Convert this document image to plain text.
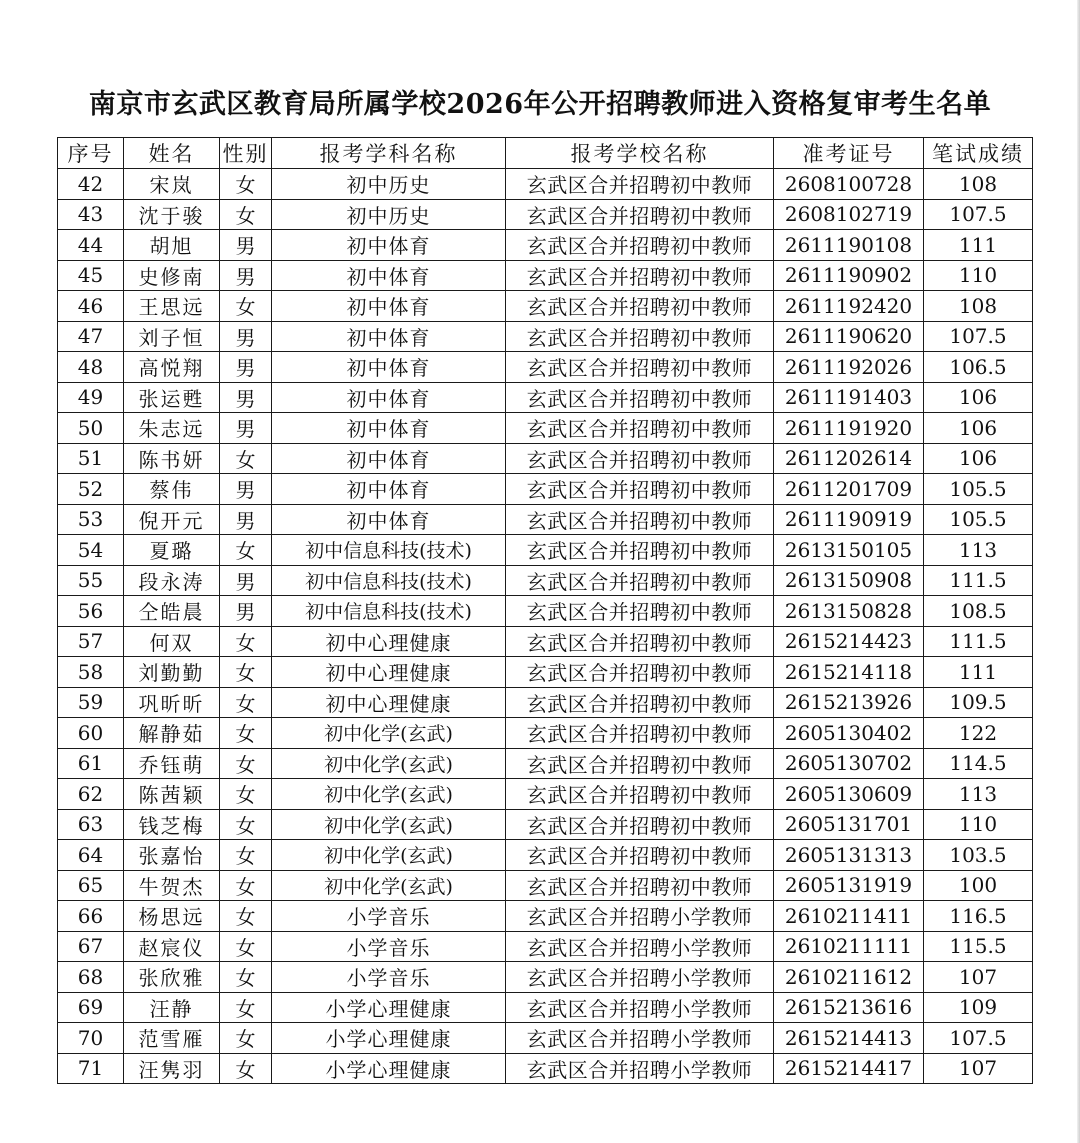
南京市玄武区教育局所属学校2026年公开招聘教师进入资格复审考生名单
序号	姓名	性别	报考学科名称	报考学校名称	准考证号	笔试成绩
42	宋岚	女	初中历史	玄武区合并招聘初中教师	2608100728	108
43	沈于骏	女	初中历史	玄武区合并招聘初中教师	2608102719	107.5
44	胡旭	男	初中体育	玄武区合并招聘初中教师	2611190108	111
45	史修南	男	初中体育	玄武区合并招聘初中教师	2611190902	110
46	王思远	女	初中体育	玄武区合并招聘初中教师	2611192420	108
47	刘子恒	男	初中体育	玄武区合并招聘初中教师	2611190620	107.5
48	高悦翔	男	初中体育	玄武区合并招聘初中教师	2611192026	106.5
49	张运甦	男	初中体育	玄武区合并招聘初中教师	2611191403	106
50	朱志远	男	初中体育	玄武区合并招聘初中教师	2611191920	106
51	陈书妍	女	初中体育	玄武区合并招聘初中教师	2611202614	106
52	蔡伟	男	初中体育	玄武区合并招聘初中教师	2611201709	105.5
53	倪开元	男	初中体育	玄武区合并招聘初中教师	2611190919	105.5
54	夏璐	女	初中信息科技(技术)	玄武区合并招聘初中教师	2613150105	113
55	段永涛	男	初中信息科技(技术)	玄武区合并招聘初中教师	2613150908	111.5
56	仝皓晨	男	初中信息科技(技术)	玄武区合并招聘初中教师	2613150828	108.5
57	何双	女	初中心理健康	玄武区合并招聘初中教师	2615214423	111.5
58	刘勤勤	女	初中心理健康	玄武区合并招聘初中教师	2615214118	111
59	巩昕昕	女	初中心理健康	玄武区合并招聘初中教师	2615213926	109.5
60	解静茹	女	初中化学(玄武)	玄武区合并招聘初中教师	2605130402	122
61	乔钰萌	女	初中化学(玄武)	玄武区合并招聘初中教师	2605130702	114.5
62	陈茜颖	女	初中化学(玄武)	玄武区合并招聘初中教师	2605130609	113
63	钱芝梅	女	初中化学(玄武)	玄武区合并招聘初中教师	2605131701	110
64	张嘉怡	女	初中化学(玄武)	玄武区合并招聘初中教师	2605131313	103.5
65	牛贺杰	女	初中化学(玄武)	玄武区合并招聘初中教师	2605131919	100
66	杨思远	女	小学音乐	玄武区合并招聘小学教师	2610211411	116.5
67	赵宸仪	女	小学音乐	玄武区合并招聘小学教师	2610211111	115.5
68	张欣雅	女	小学音乐	玄武区合并招聘小学教师	2610211612	107
69	汪静	女	小学心理健康	玄武区合并招聘小学教师	2615213616	109
70	范雪雁	女	小学心理健康	玄武区合并招聘小学教师	2615214413	107.5
71	汪隽羽	女	小学心理健康	玄武区合并招聘小学教师	2615214417	107
